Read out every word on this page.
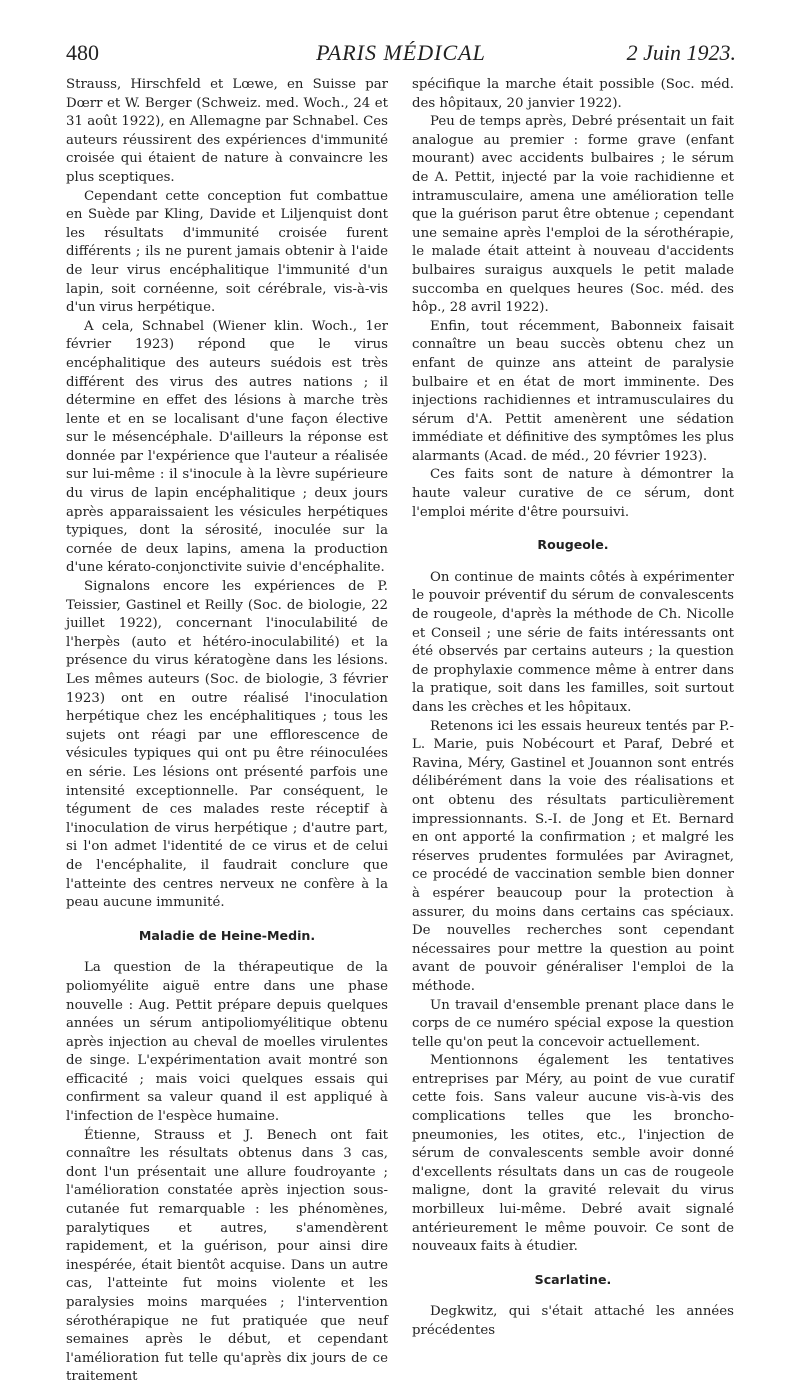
480	PARIS MÉDICAL	2 Juin 1923.

Strauss, Hirschfeld et Lœwe, en Suisse par Dœrr et W. Berger (Schweiz. med. Woch., 24 et 31 août 1922), en Allemagne par Schnabel. Ces auteurs réussirent des expériences d'immunité croisée qui étaient de nature à convaincre les plus sceptiques.

Cependant cette conception fut combattue en Suède par Kling, Davide et Liljenquist dont les résultats d'immunité croisée furent différents ; ils ne purent jamais obtenir à l'aide de leur virus encéphalitique l'immunité d'un lapin, soit cornéenne, soit cérébrale, vis-à-vis d'un virus herpétique.

A cela, Schnabel (Wiener klin. Woch., 1er février 1923) répond que le virus encéphalitique des auteurs suédois est très différent des virus des autres nations ; il détermine en effet des lésions à marche très lente et en se localisant d'une façon élective sur le mésencéphale. D'ailleurs la réponse est donnée par l'expérience que l'auteur a réalisée sur lui-même : il s'inocule à la lèvre supérieure du virus de lapin encéphalitique ; deux jours après apparaissaient les vésicules herpétiques typiques, dont la sérosité, inoculée sur la cornée de deux lapins, amena la production d'une kérato-conjonctivite suivie d'encéphalite.

Signalons encore les expériences de P. Teissier, Gastinel et Reilly (Soc. de biologie, 22 juillet 1922), concernant l'inoculabilité de l'herpès (auto et hétéro-inoculabilité) et la présence du virus kératogène dans les lésions. Les mêmes auteurs (Soc. de biologie, 3 février 1923) ont en outre réalisé l'inoculation herpétique chez les encéphalitiques ; tous les sujets ont réagi par une efflorescence de vésicules typiques qui ont pu être réinoculées en série. Les lésions ont présenté parfois une intensité exceptionnelle. Par conséquent, le tégument de ces malades reste réceptif à l'inoculation de virus herpétique ; d'autre part, si l'on admet l'identité de ce virus et de celui de l'encéphalite, il faudrait conclure que l'atteinte des centres nerveux ne confère à la peau aucune immunité.

Maladie de Heine-Medin.

La question de la thérapeutique de la poliomyélite aiguë entre dans une phase nouvelle : Aug. Pettit prépare depuis quelques années un sérum antipoliomyélitique obtenu après injection au cheval de moelles virulentes de singe. L'expérimentation avait montré son efficacité ; mais voici quelques essais qui confirment sa valeur quand il est appliqué à l'infection de l'espèce humaine.

Étienne, Strauss et J. Benech ont fait connaître les résultats obtenus dans 3 cas, dont l'un présentait une allure foudroyante ; l'amélioration constatée après injection sous-cutanée fut remarquable : les phénomènes, paralytiques et autres, s'amendèrent rapidement, et la guérison, pour ainsi dire inespérée, était bientôt acquise. Dans un autre cas, l'atteinte fut moins violente et les paralysies moins marquées ; l'intervention sérothérapique ne fut pratiquée que neuf semaines après le début, et cependant l'amélioration fut telle qu'après dix jours de ce traitement

spécifique la marche était possible (Soc. méd. des hôpitaux, 20 janvier 1922).

Peu de temps après, Debré présentait un fait analogue au premier : forme grave (enfant mourant) avec accidents bulbaires ; le sérum de A. Pettit, injecté par la voie rachidienne et intramusculaire, amena une amélioration telle que la guérison parut être obtenue ; cependant une semaine après l'emploi de la sérothérapie, le malade était atteint à nouveau d'accidents bulbaires suraigus auxquels le petit malade succomba en quelques heures (Soc. méd. des hôp., 28 avril 1922).

Enfin, tout récemment, Babonneix faisait connaître un beau succès obtenu chez un enfant de quinze ans atteint de paralysie bulbaire et en état de mort imminente. Des injections rachidiennes et intramusculaires du sérum d'A. Pettit amenèrent une sédation immédiate et définitive des symptômes les plus alarmants (Acad. de méd., 20 février 1923).

Ces faits sont de nature à démontrer la haute valeur curative de ce sérum, dont l'emploi mérite d'être poursuivi.

Rougeole.

On continue de maints côtés à expérimenter le pouvoir préventif du sérum de convalescents de rougeole, d'après la méthode de Ch. Nicolle et Conseil ; une série de faits intéressants ont été observés par certains auteurs ; la question de prophylaxie commence même à entrer dans la pratique, soit dans les familles, soit surtout dans les crèches et les hôpitaux.

Retenons ici les essais heureux tentés par P.-L. Marie, puis Nobécourt et Paraf, Debré et Ravina, Méry, Gastinel et Jouannon sont entrés délibérément dans la voie des réalisations et ont obtenu des résultats particulièrement impressionnants. S.-I. de Jong et Et. Bernard en ont apporté la confirmation ; et malgré les réserves prudentes formulées par Aviragnet, ce procédé de vaccination semble bien donner à espérer beaucoup pour la protection à assurer, du moins dans certains cas spéciaux. De nouvelles recherches sont cependant nécessaires pour mettre la question au point avant de pouvoir généraliser l'emploi de la méthode.

Un travail d'ensemble prenant place dans le corps de ce numéro spécial expose la question telle qu'on peut la concevoir actuellement.

Mentionnons également les tentatives entreprises par Méry, au point de vue curatif cette fois. Sans valeur aucune vis-à-vis des complications telles que les broncho-pneumonies, les otites, etc., l'injection de sérum de convalescents semble avoir donné d'excellents résultats dans un cas de rougeole maligne, dont la gravité relevait du virus morbilleux lui-même. Debré avait signalé antérieurement le même pouvoir. Ce sont de nouveaux faits à étudier.

Scarlatine.

Degkwitz, qui s'était attaché les années précédentes
